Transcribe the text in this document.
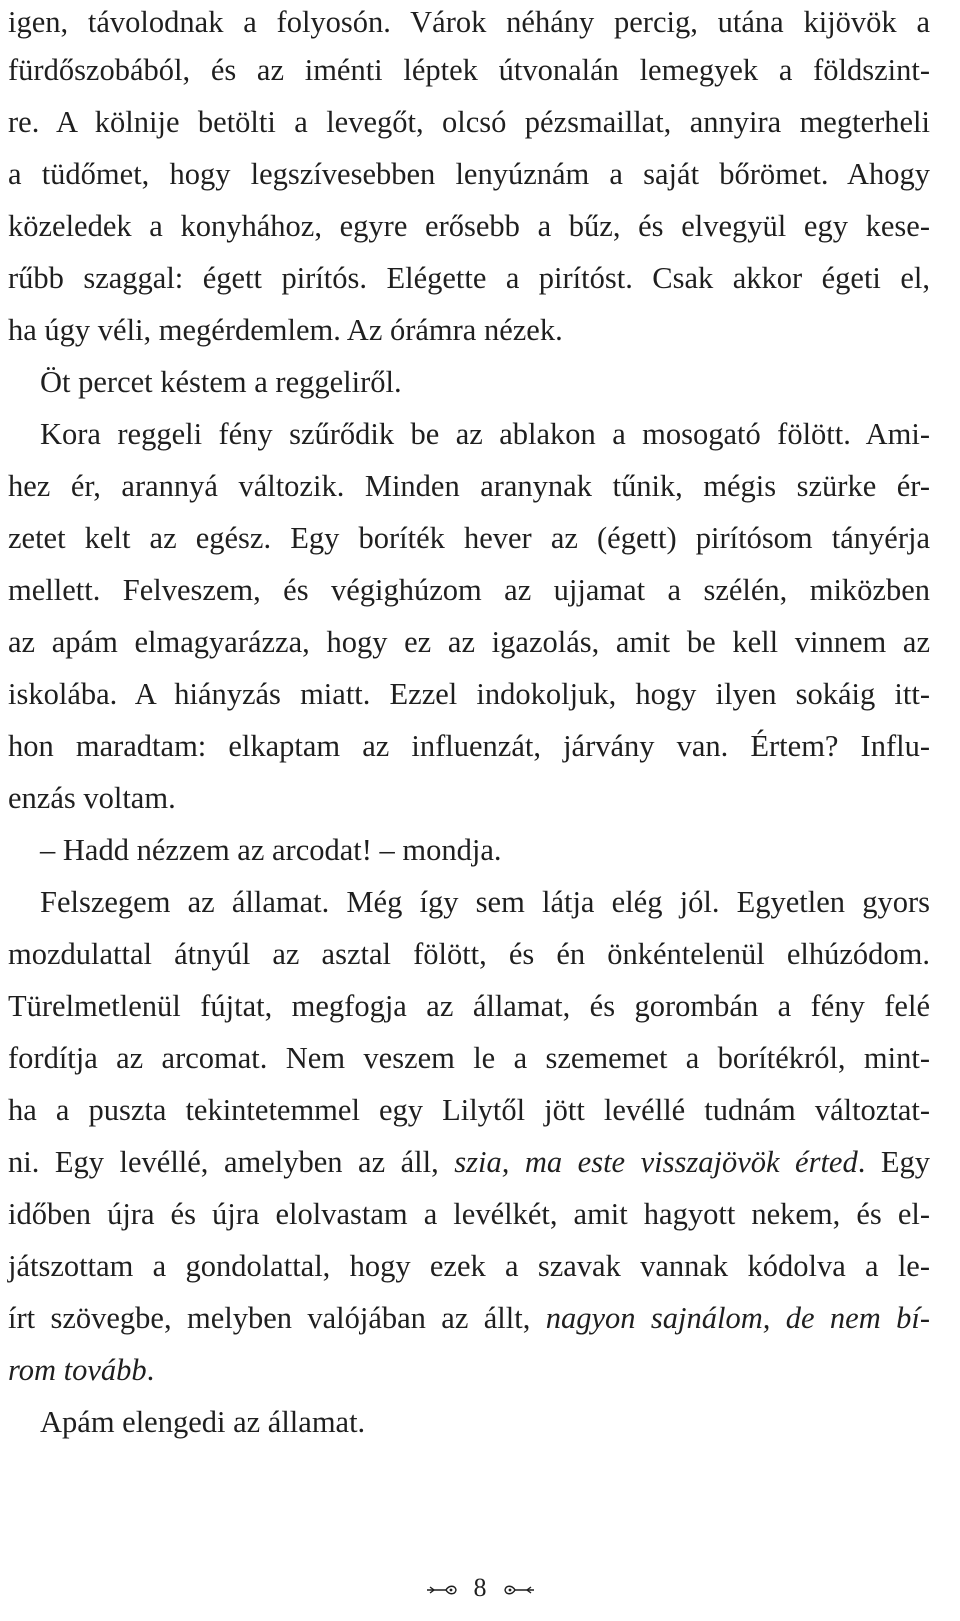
igen, távolodnak a folyosón. Várok néhány percig, utána kijövök a
fürdőszobából, és az iménti léptek útvonalán lemegyek a földszint-
re. A kölnije betölti a levegőt, olcsó pézsmaillat, annyira megterheli
a tüdőmet, hogy legszívesebben lenyúznám a saját bőrömet. Ahogy
közeledek a konyhához, egyre erősebb a bűz, és elvegyül egy kese-
rűbb szaggal: égett pirítós. Elégette a pirítóst. Csak akkor égeti el,
ha úgy véli, megérdemlem. Az órámra nézek.
Öt percet késtem a reggeliről.
Kora reggeli fény szűrődik be az ablakon a mosogató fölött. Ami-
hez ér, arannyá változik. Minden aranynak tűnik, mégis szürke ér-
zetet kelt az egész. Egy boríték hever az (égett) pirítósom tányérja
mellett. Felveszem, és végighúzom az ujjamat a szélén, miközben
az apám elmagyarázza, hogy ez az igazolás, amit be kell vinnem az
iskolába. A hiányzás miatt. Ezzel indokoljuk, hogy ilyen sokáig itt-
hon maradtam: elkaptam az influenzát, járvány van. Értem? Influ-
enzás voltam.
– Hadd nézzem az arcodat! – mondja.
Felszegem az államat. Még így sem látja elég jól. Egyetlen gyors
mozdulattal átnyúl az asztal fölött, és én önkéntelenül elhúzódom.
Türelmetlenül fújtat, megfogja az államat, és gorombán a fény felé
fordítja az arcomat. Nem veszem le a szememet a borítékról, mint-
ha a puszta tekintetemmel egy Lilytől jött levéllé tudnám változtat-
ni. Egy levéllé, amelyben az áll, szia, ma este visszajövök érted. Egy
időben újra és újra elolvastam a levélkét, amit hagyott nekem, és el-
játszottam a gondolattal, hogy ezek a szavak vannak kódolva a le-
írt szövegbe, melyben valójában az állt, nagyon sajnálom, de nem bí-
rom tovább.
Apám elengedi az államat.
8
